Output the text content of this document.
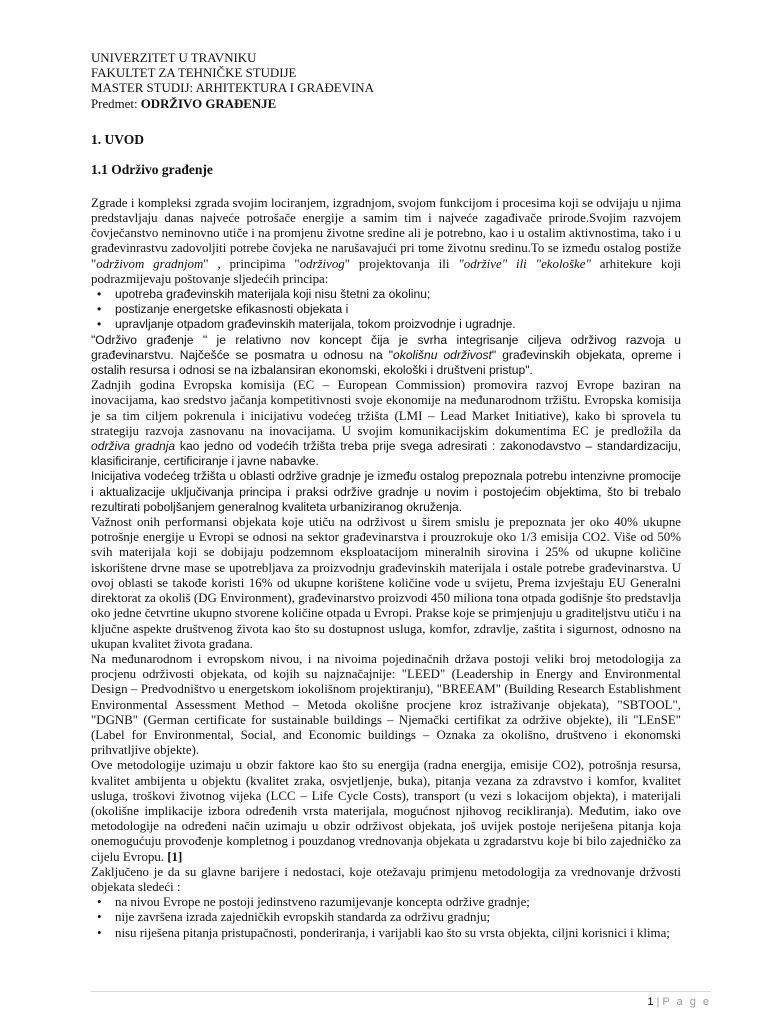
UNIVERZITET U TRAVNIKU

FAKULTET ZA TEHNIČKE STUDIJE

MASTER STUDIJ: ARHITEKTURA I GRAĐEVINA

Predmet: ODRŽIVO GRAĐENJE

1. UVOD
1.1 Održivo građenje

Zgrade i kompleksi zgrada svojim lociranjem, izgradnjom, svojom funkcijom i procesima koji se odvijaju u njima predstavljaju danas najveće potrošače energije a samim tim i najveće zagađivače prirode.Svojim razvojem čovječanstvo neminovno utiče i na promjenu životne sredine ali je potrebno, kao i u ostalim aktivnostima, tako i u građevinrastvu zadovoljiti potrebe čovjeka ne narušavajući pri tome životnu sredinu.To se između ostalog postiže "održivom gradnjom" , principima "održivog" projektovanja ili "održive" ili "ekološke" arhitekure koji podrazmijevaju poštovanje sljedećih principa:

• upotreba građevinskih materijala koji nisu štetni za okolinu;
• postizanje energetske efikasnosti objekata i
• upravljanje otpadom građevinskih materijala, tokom proizvodnje i ugradnje.

"Održivo građenje " je relativno nov koncept čija je svrha integrisanje ciljeva održivog razvoja u građevinarstvu. Najčešće se posmatra u odnosu na "okolišnu održivost" građevinskih objekata, opreme i ostalih resursa i odnosi se na izbalansiran ekonomski, ekološki i društveni pristup".

Zadnjih godina Evropska komisija (EC – European Commission) promovira razvoj Evrope baziran na inovacijama, kao sredstvo jačanja kompetitivnosti svoje ekonomije na međunarodnom tržištu. Evropska komisija je sa tim ciljem pokrenula i inicijativu vodećeg tržišta (LMI – Lead Market Initiative), kako bi sprovela tu strategiju razvoja zasnovanu na inovacijama. U svojim komunikacijskim dokumentima EC je predložila da održiva gradnja kao jedno od vodećih tržišta treba prije svega adresirati : zakonodavstvo – standardizaciju, klasificiranje, certificiranje i javne nabavke.

Inicijativa vodećeg tržišta u oblasti održive gradnje je između ostalog prepoznala potrebu intenzivne promocije i aktualizacije uključivanja principa i praksi održive gradnje u novim i postojećim objektima, što bi trebalo rezultirati poboljšanjem generalnog kvaliteta urbaniziranog okruženja.

Važnost onih performansi objekata koje utiču na održivost u širem smislu je prepoznata jer oko 40% ukupne potrošnje energije u Evropi se odnosi na sektor građevinarstva i prouzrokuje oko 1/3 emisija CO2. Više od 50% svih materijala koji se dobijaju podzemnom eksploatacijom mineralnih sirovina i 25% od ukupne količine iskorištene drvne mase se upotrebljava za proizvodnju građevinskih materijala i ostale potrebe građevinarstva. U ovoj oblasti se takođe koristi 16% od ukupne korištene količine vode u svijetu, Prema izvještaju EU Generalni direktorat za okoliš (DG Environment), građevinarstvo proizvodi 450 miliona tona otpada godišnje što predstavlja oko jedne četvrtine ukupno stvorene količine otpada u Evropi. Prakse koje se primjenjuju u graditeljstvu utiču i na ključne aspekte društvenog života kao što su dostupnost usluga, komfor, zdravlje, zaštita i sigurnost, odnosno na ukupan kvalitet života građana.

Na međunarodnom i evropskom nivou, i na nivoima pojedinačnih država postoji veliki broj metodologija za procjenu održivosti objekata, od kojih su najznačajnije: "LEED" (Leadership in Energy and Environmental Design – Predvodništvo u energetskom iokolišnom projektiranju), "BREEAM" (Building Research Establishment Environmental Assessment Method – Metoda okolišne procjene kroz istraživanje objekata), "SBTOOL", "DGNB" (German certificate for sustainable buildings – Njemački certifikat za održive objekte), ili "LEnSE" (Label for Environmental, Social, and Economic buildings – Oznaka za okolišno, društveno i ekonomski prihvatljive objekte).

Ove metodologije uzimaju u obzir faktore kao što su energija (radna energija, emisije CO2), potrošnja resursa, kvalitet ambijenta u objektu (kvalitet zraka, osvjetljenje, buka), pitanja vezana za zdravstvo i komfor, kvalitet usluga, troškovi životnog vijeka (LCC – Life Cycle Costs), transport (u vezi s lokacijom objekta), i materijali (okolišne implikacije izbora određenih vrsta materijala, mogućnost njihovog recikliranja). Međutim, iako ove metodologije na određeni način uzimaju u obzir održivost objekata, još uvijek postoje neriješena pitanja koja onemogućuju provođenje kompletnog i pouzdanog vrednovanja objekata u zgradarstvu koje bi bilo zajedničko za cijelu Evropu. [1]

Zaključeno je da su glavne barijere i nedostaci, koje otežavaju primjenu metodologija za vrednovanje držvosti objekata sledeći :

• na nivou Evrope ne postoji jedinstveno razumijevanje koncepta održive gradnje;
• nije završena izrada zajedničkih evropskih standarda za održivu gradnju;
• nisu riješena pitanja pristupačnosti, ponderiranja, i varijabli kao što su vrsta objekta, ciljni korisnici i klima;
1 | P a g e
